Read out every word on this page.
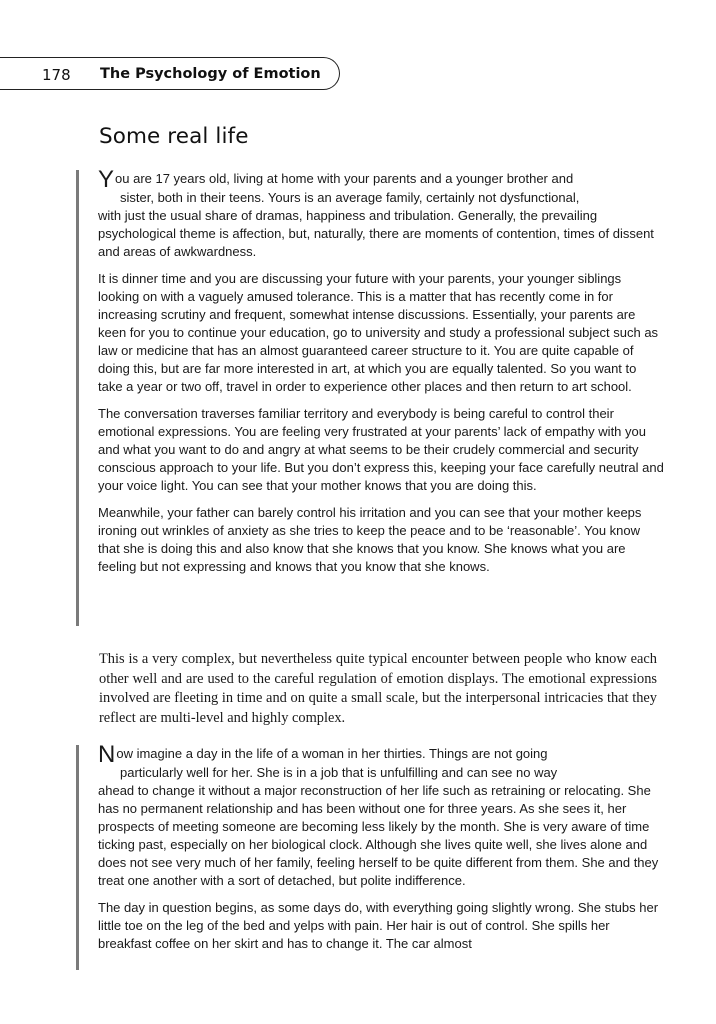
178 The Psychology of Emotion
Some real life

You are 17 years old, living at home with your parents and a younger brother and
sister, both in their teens. Yours is an average family, certainly not dysfunctional,
with just the usual share of dramas, happiness and tribulation. Generally, the prevailing psychological theme is affection, but, naturally, there are moments of contention, times of dissent and areas of awkwardness.

It is dinner time and you are discussing your future with your parents, your younger siblings looking on with a vaguely amused tolerance. This is a matter that has recently come in for increasing scrutiny and frequent, somewhat intense discussions. Essentially, your parents are keen for you to continue your education, go to university and study a professional subject such as law or medicine that has an almost guaranteed career structure to it. You are quite capable of doing this, but are far more interested in art, at which you are equally talented. So you want to take a year or two off, travel in order to experience other places and then return to art school.

The conversation traverses familiar territory and everybody is being careful to control their emotional expressions. You are feeling very frustrated at your parents’ lack of empathy with you and what you want to do and angry at what seems to be their crudely commercial and security conscious approach to your life. But you don’t express this, keeping your face carefully neutral and your voice light. You can see that your mother knows that you are doing this.

Meanwhile, your father can barely control his irritation and you can see that your mother keeps ironing out wrinkles of anxiety as she tries to keep the peace and to be ‘reasonable’. You know that she is doing this and also know that she knows that you know. She knows what you are feeling but not expressing and knows that you know that she knows.

This is a very complex, but nevertheless quite typical encounter between people who know each other well and are used to the careful regulation of emotion displays. The emotional expressions involved are fleeting in time and on quite a small scale, but the interpersonal intricacies that they reflect are multi-level and highly complex.

Now imagine a day in the life of a woman in her thirties. Things are not going
particularly well for her. She is in a job that is unfulfilling and can see no way
ahead to change it without a major reconstruction of her life such as retraining or relocating. She has no permanent relationship and has been without one for three years. As she sees it, her prospects of meeting someone are becoming less likely by the month. She is very aware of time ticking past, especially on her biological clock. Although she lives quite well, she lives alone and does not see very much of her family, feeling herself to be quite different from them. She and they treat one another with a sort of detached, but polite indifference.

The day in question begins, as some days do, with everything going slightly wrong. She stubs her little toe on the leg of the bed and yelps with pain. Her hair is out of control. She spills her breakfast coffee on her skirt and has to change it. The car almost
